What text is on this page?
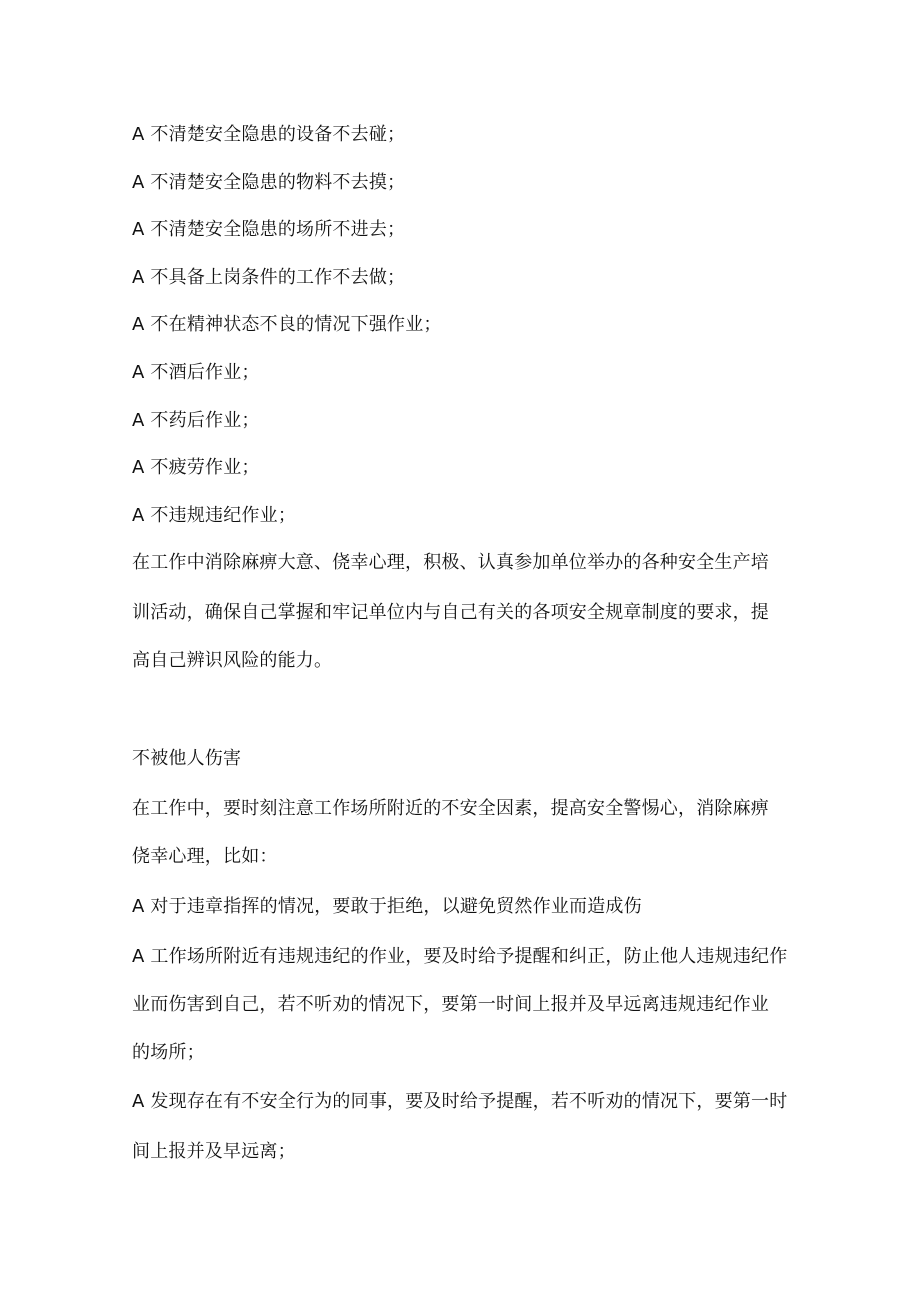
A 不清楚安全隐患的设备不去碰；
A 不清楚安全隐患的物料不去摸；
A 不清楚安全隐患的场所不进去；
A 不具备上岗条件的工作不去做；
A 不在精神状态不良的情况下强作业；
A 不酒后作业；
A 不药后作业；
A 不疲劳作业；
A 不违规违纪作业；
在工作中消除麻痹大意、侥幸心理，积极、认真参加单位举办的各种安全生产培
训活动，确保自己掌握和牢记单位内与自己有关的各项安全规章制度的要求，提
高自己辨识风险的能力。
不被他人伤害
在工作中，要时刻注意工作场所附近的不安全因素，提高安全警惕心，消除麻痹
侥幸心理，比如：
A 对于违章指挥的情况，要敢于拒绝，以避免贸然作业而造成伤
A 工作场所附近有违规违纪的作业，要及时给予提醒和纠正，防止他人违规违纪作
业而伤害到自己，若不听劝的情况下，要第一时间上报并及早远离违规违纪作业
的场所；
A 发现存在有不安全行为的同事，要及时给予提醒，若不听劝的情况下，要第一时
间上报并及早远离；
